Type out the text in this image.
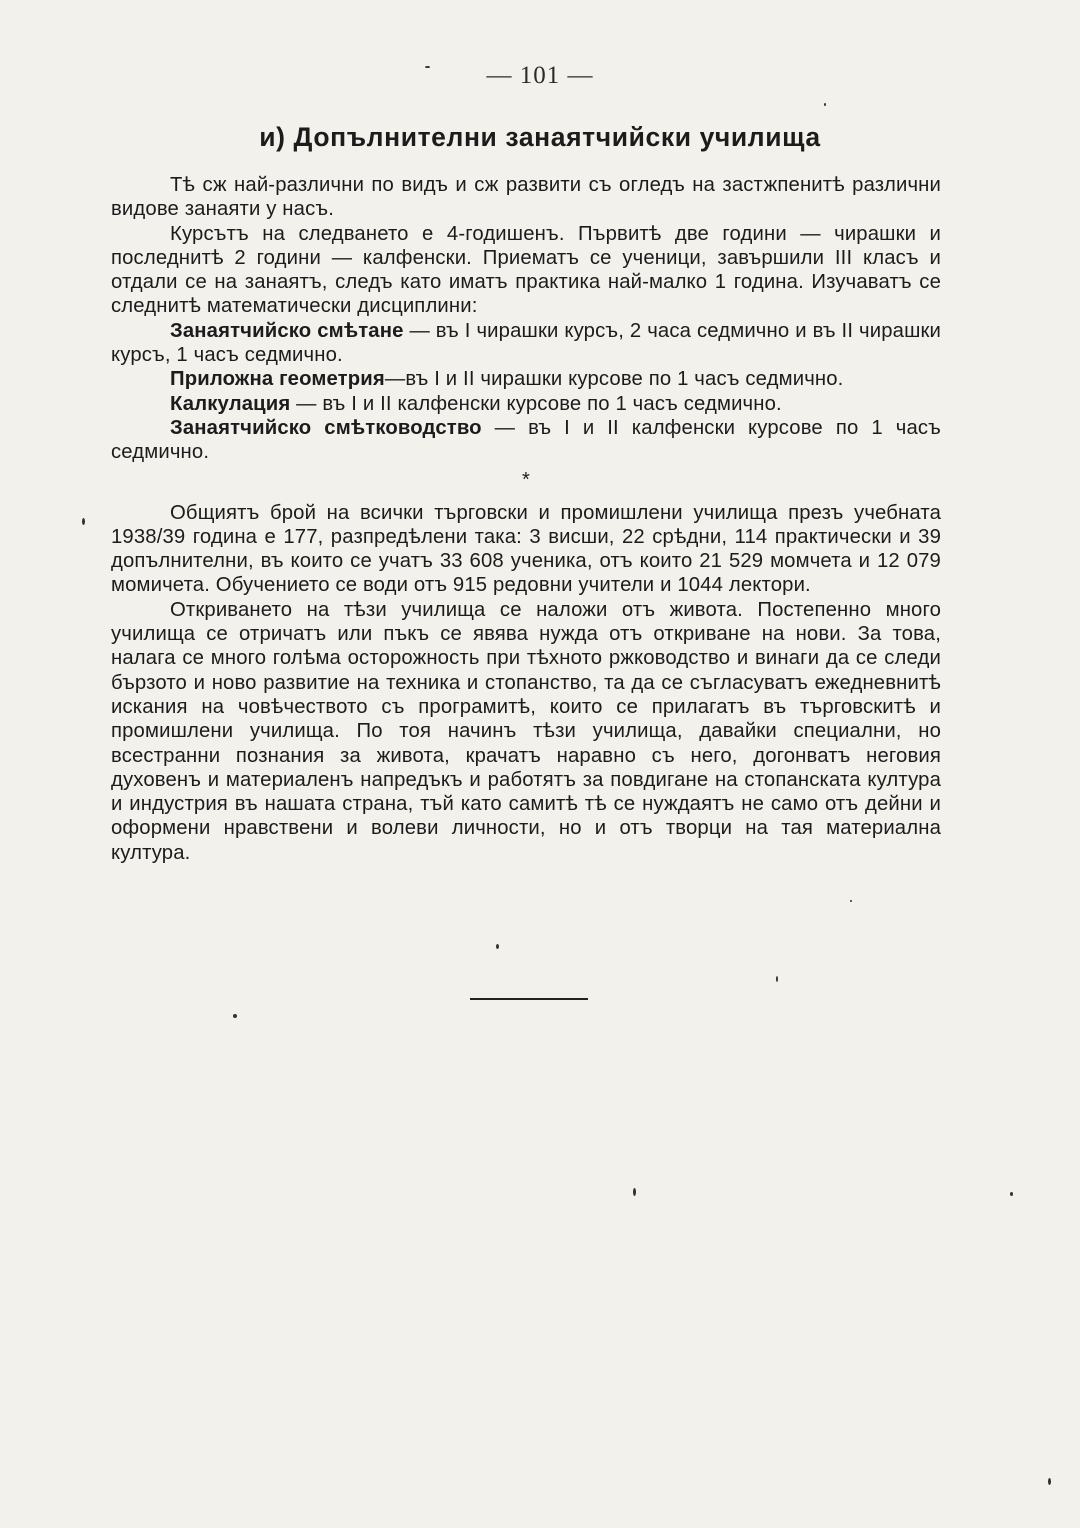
— 101 —
и) Допълнителни занаятчийски училища

Тѣ сж най-различни по видъ и сж развити съ огледъ на застжпенитѣ различни видове занаяти у насъ.

Курсътъ на следването е 4-годишенъ. Първитѣ две години — чирашки и последнитѣ 2 години — калфенски. Приематъ се ученици, завършили III класъ и отдали се на занаятъ, следъ като иматъ практика най-малко 1 година. Изучаватъ се следнитѣ математически дисциплини:

Занаятчийско смѣтане — въ I чирашки курсъ, 2 часа седмично и въ II чирашки курсъ, 1 часъ седмично.

Приложна геометрия—въ I и II чирашки курсове по 1 часъ седмично.

Калкулация — въ I и II калфенски курсове по 1 часъ седмично.

Занаятчийско смѣтководство — въ I и II калфенски курсове по 1 часъ седмично.

*

Общиятъ брой на всички търговски и промишлени училища презъ учебната 1938/39 година е 177, разпредѣлени така: 3 висши, 22 срѣдни, 114 практически и 39 допълнителни, въ които се учатъ 33 608 ученика, отъ които 21 529 момчета и 12 079 момичета. Обучението се води отъ 915 редовни учители и 1044 лектори.

Откриването на тѣзи училища се наложи отъ живота. Постепенно много училища се отричатъ или пъкъ се явява нужда отъ откриване на нови. За това, налага се много голѣма осторожность при тѣхното ржководство и винаги да се следи бързото и ново развитие на техника и стопанство, та да се съгласуватъ ежедневнитѣ искания на човѣчеството съ програмитѣ, които се прилагатъ въ търговскитѣ и промишлени училища. По тоя начинъ тѣзи училища, давайки специални, но всестранни познания за живота, крачатъ наравно съ него, догонватъ неговия духовенъ и материаленъ напредъкъ и работятъ за повдигане на стопанската култура и индустрия въ нашата страна, тъй като самитѣ тѣ се нуждаятъ не само отъ дейни и оформени нравствени и волеви личности, но и отъ творци на тая материална култура.
